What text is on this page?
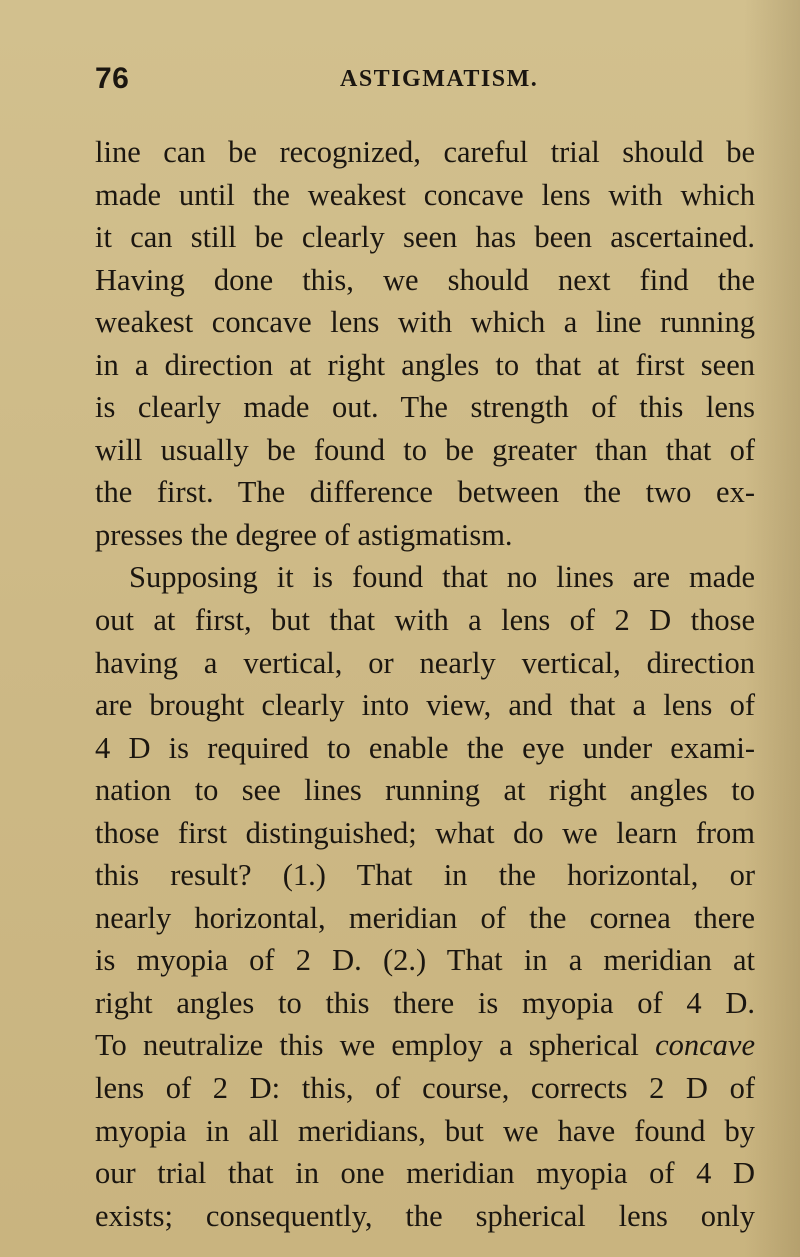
76	ASTIGMATISM.
line can be recognized, careful trial should be
made until the weakest concave lens with which
it can still be clearly seen has been ascertained.
Having done this, we should next find the
weakest concave lens with which a line running
in a direction at right angles to that at first seen
is clearly made out. The strength of this lens
will usually be found to be greater than that of
the first. The difference between the two ex-
presses the degree of astigmatism.
Supposing it is found that no lines are made
out at first, but that with a lens of 2 D those
having a vertical, or nearly vertical, direction
are brought clearly into view, and that a lens of
4 D is required to enable the eye under exami-
nation to see lines running at right angles to
those first distinguished; what do we learn from
this result? (1.) That in the horizontal, or
nearly horizontal, meridian of the cornea there
is myopia of 2 D. (2.) That in a meridian at
right angles to this there is myopia of 4 D.
To neutralize this we employ a spherical concave
lens of 2 D: this, of course, corrects 2 D of
myopia in all meridians, but we have found by
our trial that in one meridian myopia of 4 D
exists; consequently, the spherical lens only
